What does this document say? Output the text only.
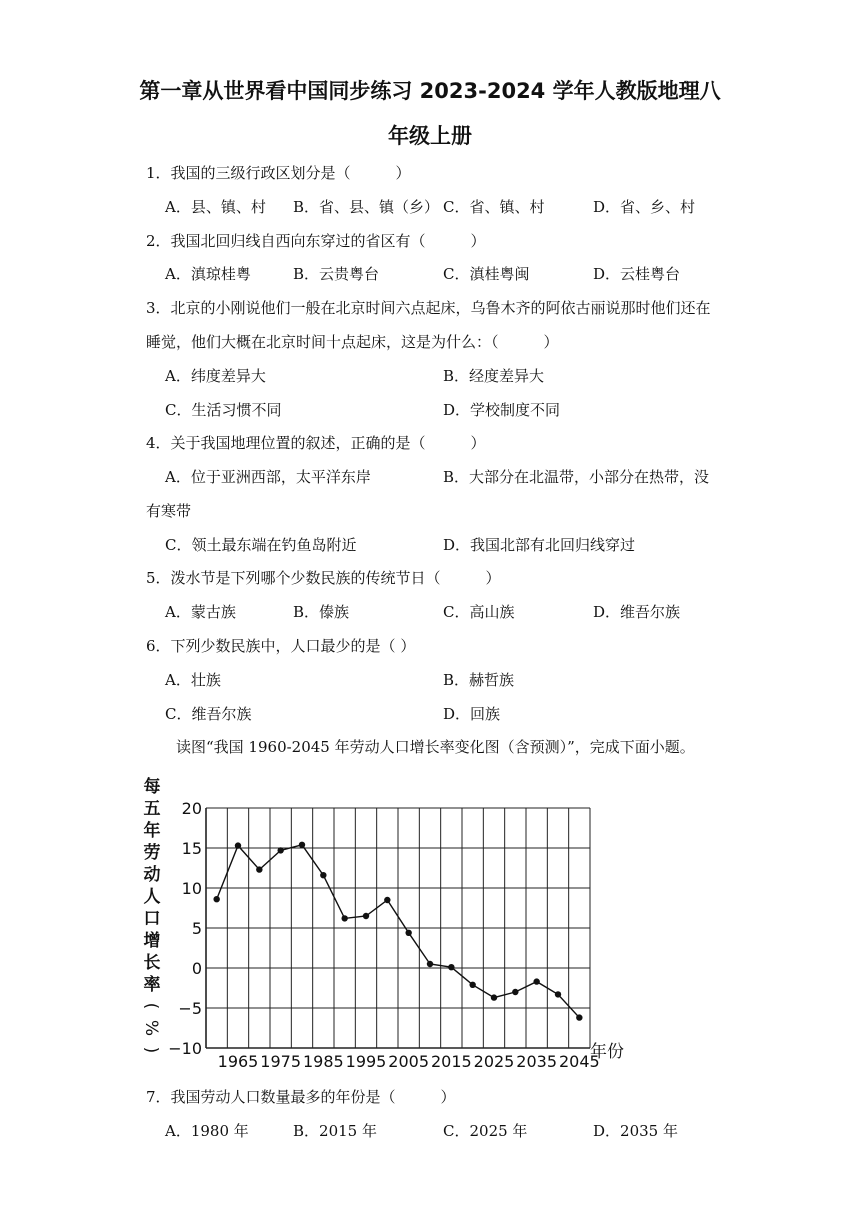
第一章从世界看中国同步练习 2023-2024 学年人教版地理八
年级上册
1．我国的三级行政区划分是（　　　）
A．县、镇、村 B．省、县、镇（乡） C．省、镇、村	D．省、乡、村
2．我国北回归线自西向东穿过的省区有（　　　）
A．滇琼桂粤	B．云贵粤台	C．滇桂粤闽	D．云桂粤台
3．北京的小刚说他们一般在北京时间六点起床，乌鲁木齐的阿依古丽说那时他们还在
睡觉，他们大概在北京时间十点起床，这是为什么：（　　　）
A．纬度差异大	B．经度差异大
C．生活习惯不同	D．学校制度不同
4．关于我国地理位置的叙述，正确的是（　　　）
A．位于亚洲西部，太平洋东岸	B．大部分在北温带，小部分在热带，没
有寒带
C．领土最东端在钓鱼岛附近	D．我国北部有北回归线穿过
5．泼水节是下列哪个少数民族的传统节日（　　　）
A．蒙古族	B．傣族	C．高山族	D．维吾尔族
6．下列少数民族中，人口最少的是（ ）
A．壮族	B．赫哲族
C．维吾尔族	D．回族
读图“我国 1960-2045 年劳动人口增长率变化图（含预测）”，完成下面小题。
每
五
年
劳
动
人
口
增
长
率
(
%
)
20
15
10
5
0
−5
−10
1965 1975 1985 1995 2005 2015 2025 2035 2045
年份
7．我国劳动人口数量最多的年份是（　　　）
A．1980 年	B．2015 年	C．2025 年	D．2035 年
